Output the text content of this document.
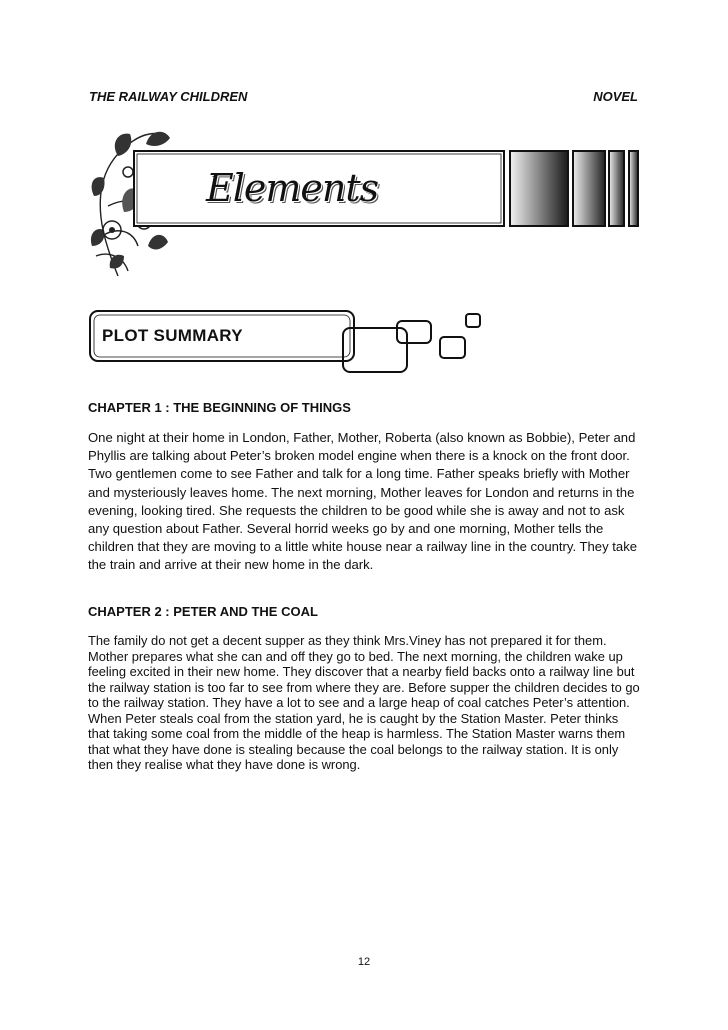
THE RAILWAY CHILDREN	NOVEL
Elements
PLOT SUMMARY
CHAPTER 1 : THE BEGINNING OF THINGS

One night at their home in London, Father, Mother, Roberta (also known as Bobbie), Peter and Phyllis are talking about Peter’s broken model engine when there is a knock on the front door. Two gentlemen come to see Father and talk for a long time. Father speaks briefly with Mother and mysteriously leaves home. The next morning, Mother leaves for London and returns in the evening, looking tired. She requests the children to be good while she is away and not to ask any question about Father. Several horrid weeks go by and one morning, Mother tells the children that they are moving to a little white house near a railway line in the country. They take the train and arrive at their new home in the dark.

CHAPTER 2 : PETER AND THE COAL

The family do not get a decent supper as they think Mrs.Viney has not prepared it for them. Mother prepares what she can and off they go to bed. The next morning, the children wake up feeling excited in their new home. They discover that a nearby field backs onto a railway line but the railway station is too far to see from where they are. Before supper the children decides to go to the railway station. They have a lot to see and a large heap of coal catches Peter’s attention. When Peter steals coal from the station yard, he is caught by the Station Master. Peter thinks that taking some coal from the middle of the heap is harmless. The Station Master warns them that what they have done is stealing because the coal belongs to the railway station. It is only then they realise what they have done is wrong.

12
